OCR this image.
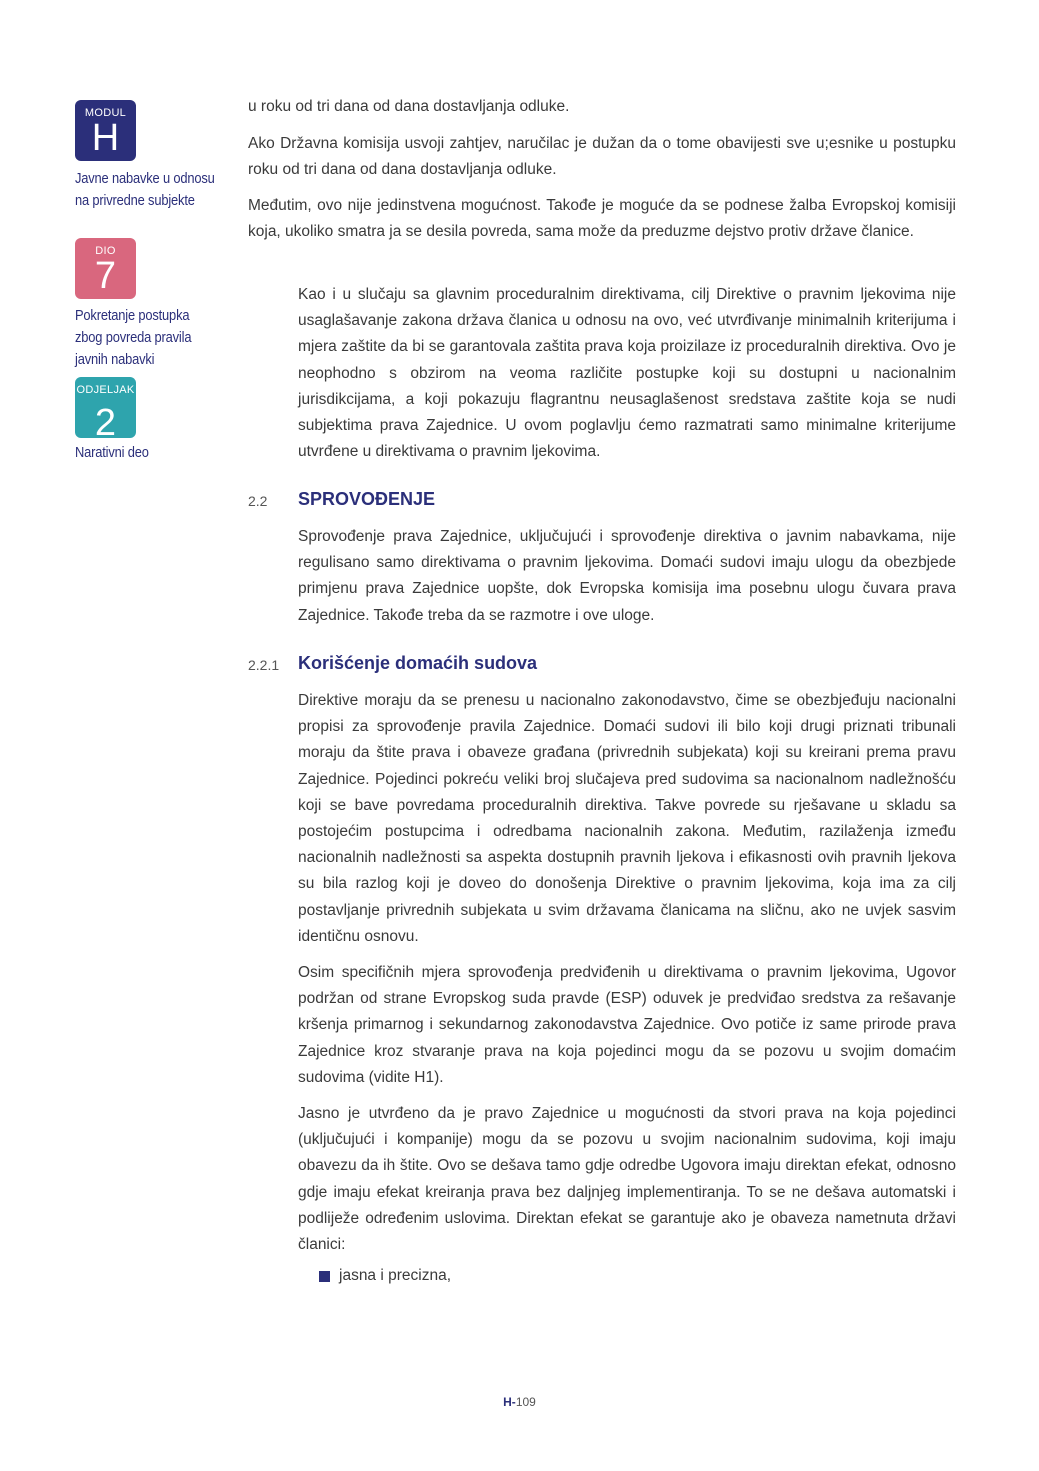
MODUL
H
Javne nabavke u odnosu
na privredne subjekte
DIO
7
Pokretanje postupka
zbog povreda pravila
javnih nabavki
ODJELJAK
2
Narativni deo
u roku od tri dana od dana dostavljanja odluke.
Ako Državna komisija usvoji zahtjev, naručilac je dužan da o tome obavijesti sve u;esnike u postupku roku od tri dana od dana dostavljanja odluke.
Međutim, ovo nije jedinstvena mogućnost. Takođe je moguće da se podnese žalba Evropskoj komisiji koja, ukoliko smatra ja se desila povreda, sama može da preduzme dejstvo protiv države članice.
Kao i u slučaju sa glavnim proceduralnim direktivama, cilj Direktive o pravnim ljekovima nije usaglašavanje zakona država članica u odnosu na ovo, već utvrđivanje minimalnih kriterijuma i mjera zaštite da bi se garantovala zaštita prava koja proizilaze iz proceduralnih direktiva. Ovo je neophodno s obzirom na veoma različite postupke koji su dostupni u nacionalnim jurisdikcijama, a koji pokazuju flagrantnu neusaglašenost sredstava zaštite koja se nudi subjektima prava Zajednice. U ovom poglavlju ćemo razmatrati samo minimalne kriterijume utvrđene u direktivama o pravnim ljekovima.
2.2 SPROVOĐENJE
Sprovođenje prava Zajednice, uključujući i sprovođenje direktiva o javnim nabavkama, nije regulisano samo direktivama o pravnim ljekovima. Domaći sudovi imaju ulogu da obezbjede primjenu prava Zajednice uopšte, dok Evropska komisija ima posebnu ulogu čuvara prava Zajednice. Takođe treba da se razmotre i ove uloge.
2.2.1 Korišćenje domaćih sudova
Direktive moraju da se prenesu u nacionalno zakonodavstvo, čime se obezbjeđuju nacionalni propisi za sprovođenje pravila Zajednice. Domaći sudovi ili bilo koji drugi priznati tribunali moraju da štite prava i obaveze građana (privrednih subjekata) koji su kreirani prema pravu Zajednice. Pojedinci pokreću veliki broj slučajeva pred sudovima sa nacionalnom nadležnošću koji se bave povredama proceduralnih direktiva. Takve povrede su rješavane u skladu sa postojećim postupcima i odredbama nacionalnih zakona. Međutim, razilaženja između nacionalnih nadležnosti sa aspekta dostupnih pravnih ljekova i efikasnosti ovih pravnih ljekova su bila razlog koji je doveo do donošenja Direktive o pravnim ljekovima, koja ima za cilj postavljanje privrednih subjekata u svim državama članicama na sličnu, ako ne uvjek sasvim identičnu osnovu.
Osim specifičnih mjera sprovođenja predviđenih u direktivama o pravnim ljekovima, Ugovor podržan od strane Evropskog suda pravde (ESP) oduvek je predviđao sredstva za rešavanje kršenja primarnog i sekundarnog zakonodavstva Zajednice. Ovo potiče iz same prirode prava Zajednice kroz stvaranje prava na koja pojedinci mogu da se pozovu u svojim domaćim sudovima (vidite H1).
Jasno je utvrđeno da je pravo Zajednice u mogućnosti da stvori prava na koja pojedinci (uključujući i kompanije) mogu da se pozovu u svojim nacionalnim sudovima, koji imaju obavezu da ih štite. Ovo se dešava tamo gdje odredbe Ugovora imaju direktan efekat, odnosno gdje imaju efekat kreiranja prava bez daljnjeg implementiranja. To se ne dešava automatski i podliježe određenim uslovima. Direktan efekat se garantuje ako je obaveza nametnuta državi članici:
jasna i precizna,
H-109
